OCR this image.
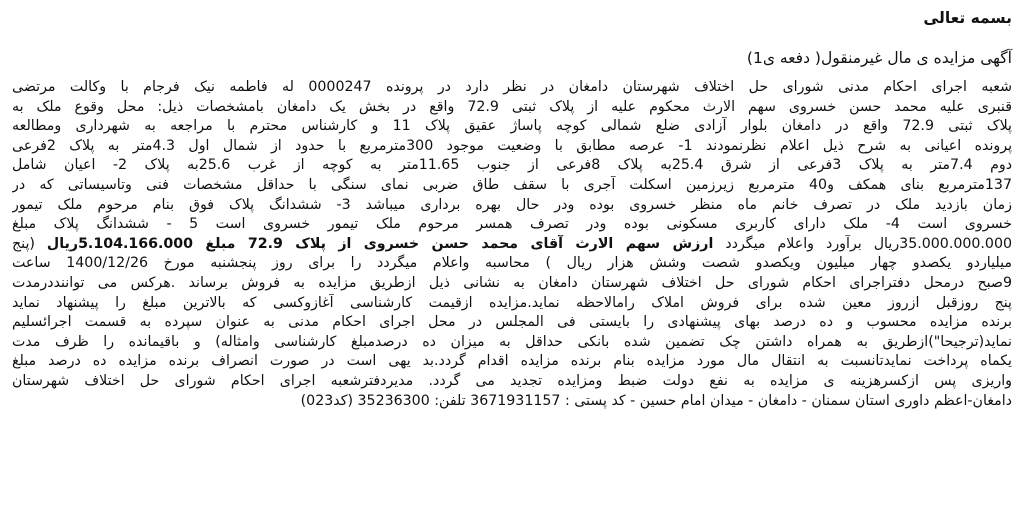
بسمه تعالی
آگهی مزایده ی مال غیرمنقول( دفعه ی1)
شعبه اجرای احکام مدنی شورای حل اختلاف شهرستان دامغان در نظر دارد در پرونده 0000247 له فاطمه نیک فرجام با وکالت مرتضی
قنبری علیه محمد حسن خسروی سهم الارث محکوم علیه از پلاک ثبتی 72.9 واقع در بخش یک دامغان بامشخصات ذیل: محل وقوع ملک به
پلاک ثبتی 72.9 واقع در دامغان بلوار آزادی ضلع شمالی کوچه پاساژ عقیق پلاک 11 و کارشناس محترم با مراجعه به شهرداری ومطالعه
پرونده اعیانی به شرح ذیل اعلام نظرنمودند 1- عرصه مطابق با وضعیت موجود 300مترمربع با حدود از شمال اول 4.3متر به پلاک 2فرعی
دوم 7.4متر به پلاک 3فرعی از شرق 25.4به پلاک 8فرعی از جنوب 11.65متر به کوچه از غرب 25.6به پلاک 2- اعیان شامل
137مترمربع بنای همکف و40 مترمربع زیرزمین اسکلت آجری با سقف طاق ضربی نمای سنگی با حداقل مشخصات فنی وتاسیساتی که در
زمان بازدید ملک در تصرف خانم ماه منظر خسروی بوده ودر حال بهره برداری میباشد 3- ششدانگ پلاک فوق بنام مرحوم ملک تیمور
خسروی است 4- ملک دارای کاربری مسکونی بوده ودر تصرف همسر مرحوم ملک تیمور خسروی است 5 - ششدانگ پلاک مبلغ
35.000.000.000ریال برآورد واعلام میگردد ارزش سهم الارث آقای محمد حسن خسروی از پلاک 72.9 مبلغ 5.104.166.000ریال (پنج
میلیاردو یکصدو چهار میلیون ویکصدو شصت وشش هزار ریال ) محاسبه واعلام میگردد را برای روز پنجشنبه مورخ 1400/12/26 ساعت
9صبح درمحل دفتراجرای احکام شورای حل اختلاف شهرستان دامغان به نشانی ذیل ازطریق مزایده به فروش برساند .هرکس می تواننددرمدت
پنج روزقبل ازروز معین شده برای فروش املاک رامالاحظه نماید.مزایده ازقیمت کارشناسی آغازوکسی که بالاترین مبلغ را پیشنهاد نماید
برنده مزایده محسوب و ده درصد بهای پیشنهادی را بایستی فی المجلس در محل اجرای احکام مدنی به عنوان سپرده به قسمت اجرائسلیم
نماید(ترجیحا")ازطریق به همراه داشتن چک تضمین شده بانکی حداقل به میزان ده درصدمبلغ کارشناسی وامثاله) و باقیمانده را ظرف مدت
یکماه پرداخت نمایدتانسبت به انتقال مال مورد مزایده بنام برنده مزایده اقدام گردد.بد یهی است در صورت انصراف برنده مزایده ده درصد مبلغ
واریزی پس ازکسرهزینه ی مزایده به نفع دولت ضبط ومزایده تجدید می گردد. مدیردفترشعبه اجرای احکام شورای حل اختلاف شهرستان
دامغان-اعظم داوری استان سمنان - دامغان - میدان امام حسین - کد پستی : 3671931157 تلفن: 35236300 (کد023)
